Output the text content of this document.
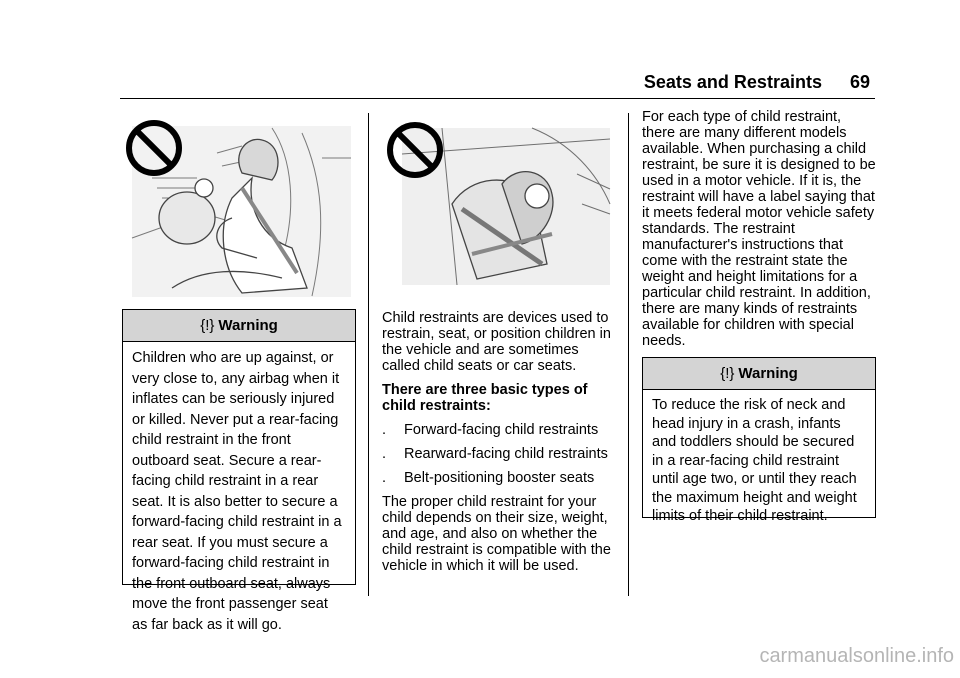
Seats and Restraints 69
{!} Warning
Children who are up against, or very close to, any airbag when it inflates can be seriously injured or killed. Never put a rear-facing child restraint in the front outboard seat. Secure a rear-facing child restraint in a rear seat. It is also better to secure a forward-facing child restraint in a rear seat. If you must secure a forward-facing child restraint in the front outboard seat, always move the front passenger seat as far back as it will go.

Child restraints are devices used to restrain, seat, or position children in the vehicle and are sometimes called child seats or car seats.

There are three basic types of child restraints:

.	Forward-facing child restraints
.	Rearward-facing child restraints
.	Belt-positioning booster seats

The proper child restraint for your child depends on their size, weight, and age, and also on whether the child restraint is compatible with the vehicle in which it will be used.

For each type of child restraint, there are many different models available. When purchasing a child restraint, be sure it is designed to be used in a motor vehicle. If it is, the restraint will have a label saying that it meets federal motor vehicle safety standards. The restraint manufacturer's instructions that come with the restraint state the weight and height limitations for a particular child restraint. In addition, there are many kinds of restraints available for children with special needs.

{!} Warning
To reduce the risk of neck and head injury in a crash, infants and toddlers should be secured in a rear-facing child restraint until age two, or until they reach the maximum height and weight limits of their child restraint.
carmanualsonline.info
